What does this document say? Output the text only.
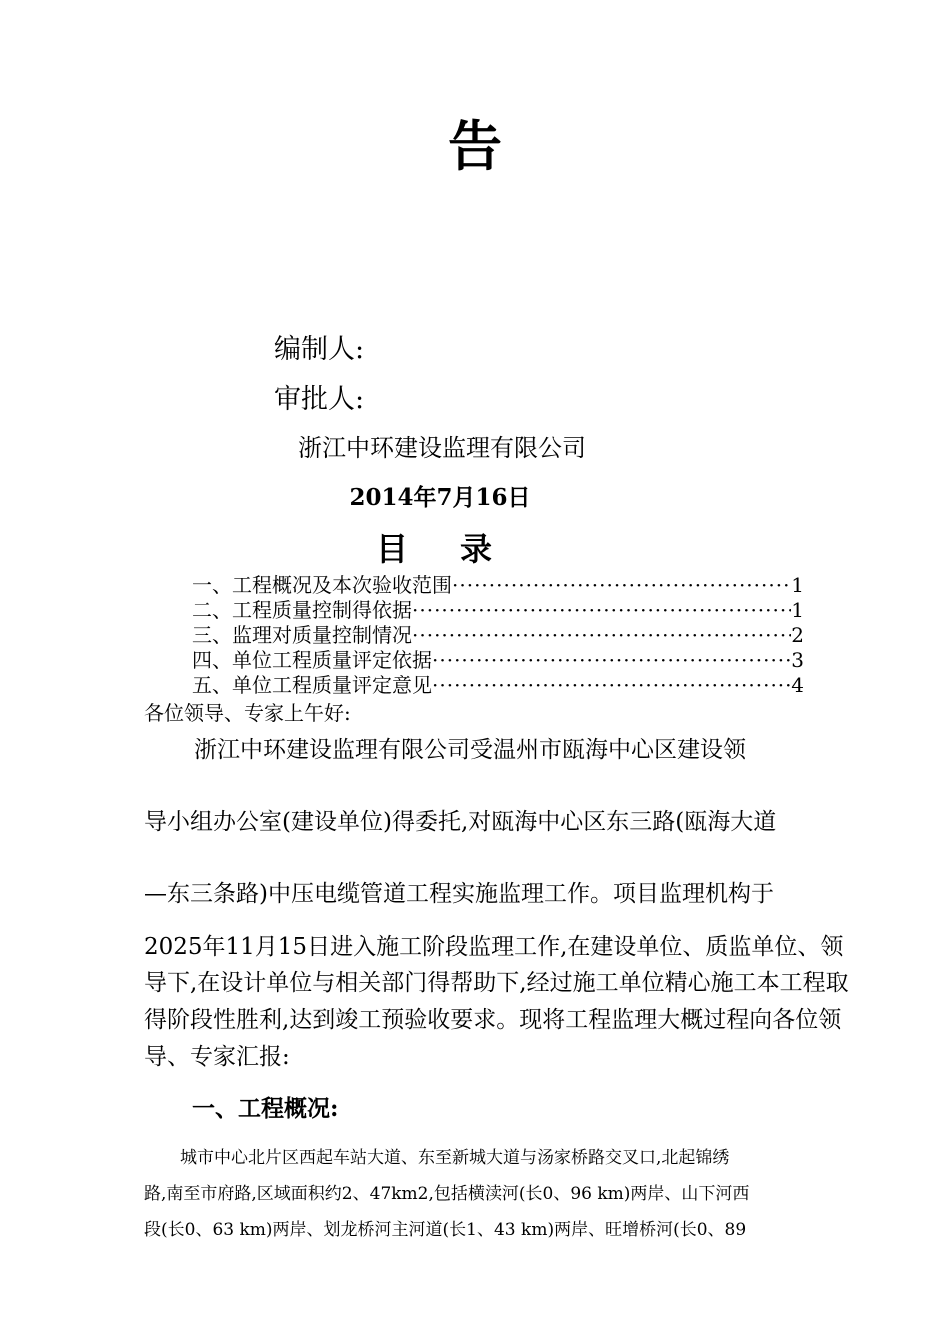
告
编制人:
审批人:
浙江中环建设监理有限公司
2014年7月16日
目 录
一、工程概况及本次验收范围 ·····	1
二、工程质量控制得依据 ·····	1
三、监理对质量控制情况 ·····	2
四、单位工程质量评定依据 ·····	3
五、单位工程质量评定意见 ·····	4
各位领导、专家上午好:
浙江中环建设监理有限公司受温州市瓯海中心区建设领
导小组办公室(建设单位)得委托,对瓯海中心区东三路(瓯海大道
—东三条路)中压电缆管道工程实施监理工作。项目监理机构于
2025年11月15日进入施工阶段监理工作,在建设单位、质监单位、领
导下,在设计单位与相关部门得帮助下,经过施工单位精心施工本工程取
得阶段性胜利,达到竣工预验收要求。现将工程监理大概过程向各位领
导、专家汇报:
一、工程概况:
城市中心北片区西起车站大道、东至新城大道与汤家桥路交叉口,北起锦绣
路,南至市府路,区域面积约2、47km2,包括横渎河(长0、96 km)两岸、山下河西
段(长0、63 km)两岸、划龙桥河主河道(长1、43 km)两岸、旺增桥河(长0、89
